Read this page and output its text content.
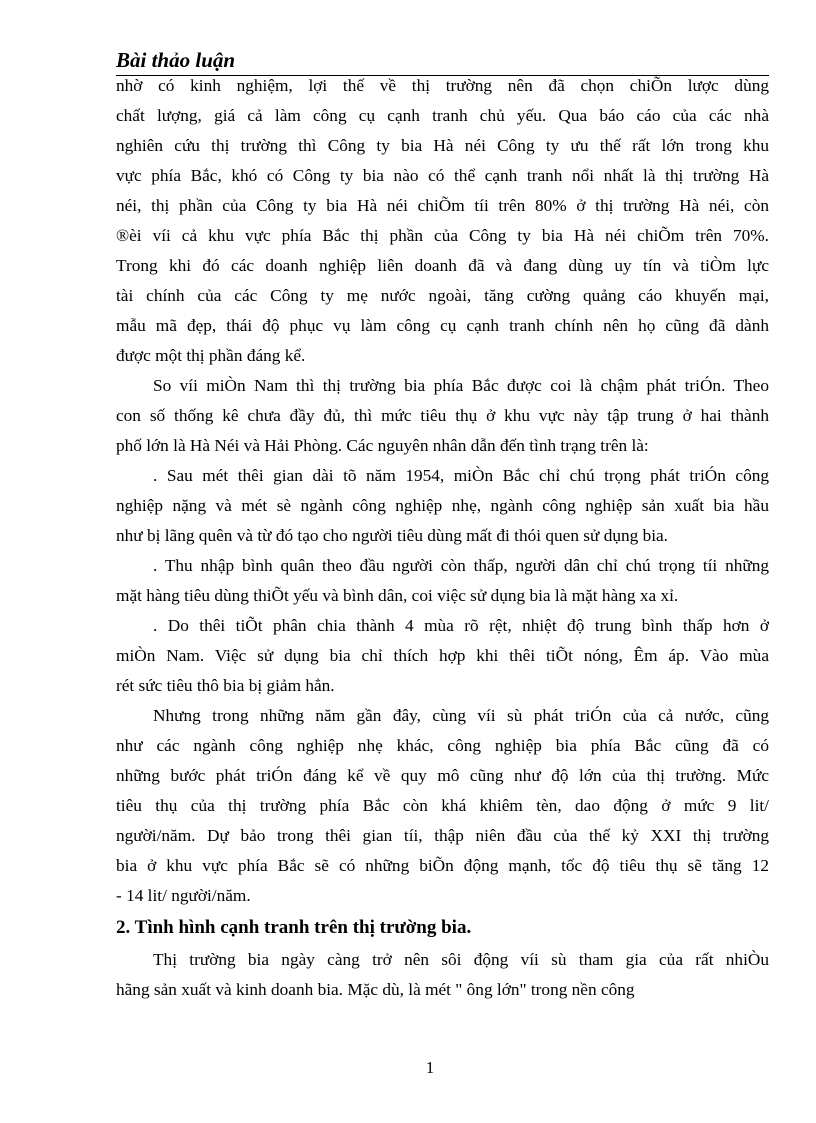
Bài thảo luận
nhờ có kinh nghiệm, lợi thế về thị trường nên đã chọn chiÕn lược dùng
chất lượng, giá cả làm công cụ cạnh tranh chủ yếu. Qua báo cáo của các nhà
nghiên cứu thị trường thì Công ty bia Hà néi Công ty ưu thế rất lớn trong khu
vực phía Bắc, khó có Công ty bia nào có thể cạnh tranh nổi nhất là thị trường Hà
néi, thị phần của Công ty bia Hà néi chiÕm tíi trên 80% ở thị trường Hà néi, còn
®èi víi cả khu vực phía Bắc thị phần của Công ty bia Hà néi chiÕm trên 70%.
Trong khi đó các doanh nghiệp liên doanh đã và đang dùng uy tín và tiÒm lực
tài chính của các Công ty mẹ nước ngoài, tăng cường quảng cáo khuyến mại,
mẫu mã đẹp, thái độ phục vụ làm công cụ cạnh tranh chính nên họ cũng đã dành
được một thị phần đáng kể.
So víi miÒn Nam thì thị trường bia phía Bắc được coi là chậm phát triÓn. Theo
con số thống kê chưa đầy đủ, thì mức tiêu thụ ở khu vực này tập trung ở hai thành
phố lớn là Hà Néi và Hải Phòng. Các nguyên nhân dẫn đến tình trạng trên là:
. Sau mét thêi gian dài tõ năm 1954, miÒn Bắc chỉ chú trọng phát triÓn công
nghiệp nặng và mét sè ngành công nghiệp nhẹ, ngành công nghiệp sản xuất bia hầu
như bị lãng quên và từ đó tạo cho người tiêu dùng mất đi thói quen sử dụng bia.
. Thu nhập bình quân theo đầu người còn thấp, người dân chỉ chú trọng tíi những
mặt hàng tiêu dùng thiÕt yếu và bình dân, coi việc sử dụng bia là mặt hàng xa xỉ.
. Do thêi tiÕt phân chia thành 4 mùa rõ rệt, nhiệt độ trung bình thấp hơn ở
miÒn Nam. Việc sử dụng bia chỉ thích hợp khi thêi tiÕt nóng, Êm áp. Vào mùa
rét sức tiêu thô bia bị giảm hẳn.
Nhưng trong những năm gần đây, cùng víi sù phát triÓn của cả nước, cũng
như các ngành công nghiệp nhẹ khác, công nghiệp bia phía Bắc cũng đã có
những bước phát triÓn đáng kể về quy mô cũng như độ lớn của thị trường. Mức
tiêu thụ của thị trường phía Bắc còn khá khiêm tèn, dao động ở mức 9 lit/
người/năm. Dự bảo trong thêi gian tíi, thập niên đầu của thế kỷ XXI thị trường
bia ở khu vực phía Bắc sẽ có những biÕn động mạnh, tốc độ tiêu thụ sẽ tăng 12
- 14 lit/ người/năm.
2. Tình hình cạnh tranh trên thị trường bia.
Thị trường bia ngày càng trở nên sôi động víi sù tham gia của rất nhiÒu
hãng sản xuất và kinh doanh bia. Mặc dù, là mét " ông lớn" trong nền công
1
